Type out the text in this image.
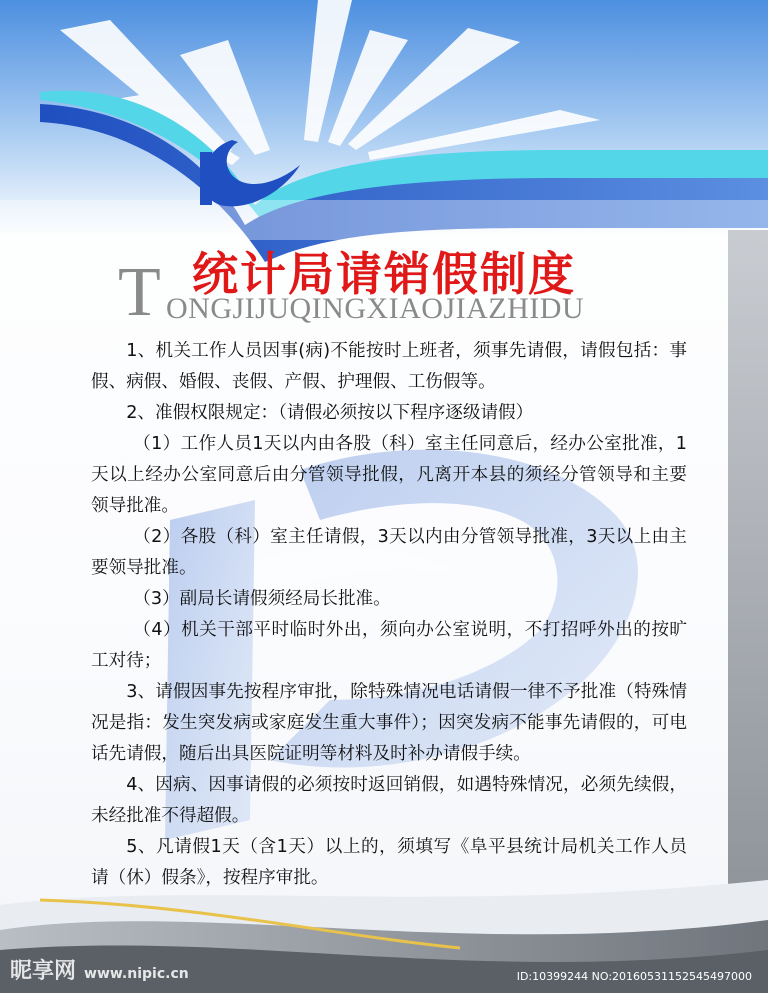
统计局请销假制度
T ONGJIJUQINGXIAOJIAZHIDU

1、机关工作人员因事(病)不能按时上班者，须事先请假，请假包括：事假、病假、婚假、丧假、产假、护理假、工伤假等。

2、准假权限规定：（请假必须按以下程序逐级请假）

（1）工作人员1天以内由各股（科）室主任同意后，经办公室批准，1天以上经办公室同意后由分管领导批假，凡离开本县的须经分管领导和主要领导批准。

（2）各股（科）室主任请假，3天以内由分管领导批准，3天以上由主要领导批准。

（3）副局长请假须经局长批准。

（4）机关干部平时临时外出，须向办公室说明，不打招呼外出的按旷工对待；

3、请假因事先按程序审批，除特殊情况电话请假一律不予批准（特殊情况是指：发生突发病或家庭发生重大事件）；因突发病不能事先请假的，可电话先请假，随后出具医院证明等材料及时补办请假手续。

4、因病、因事请假的必须按时返回销假，如遇特殊情况，必须先续假，未经批准不得超假。

5、凡请假1天（含1天）以上的，须填写《阜平县统计局机关工作人员请（休）假条》，按程序审批。

昵享网 www.nipic.cn	ID:10399244 NO:20160531152545497000
